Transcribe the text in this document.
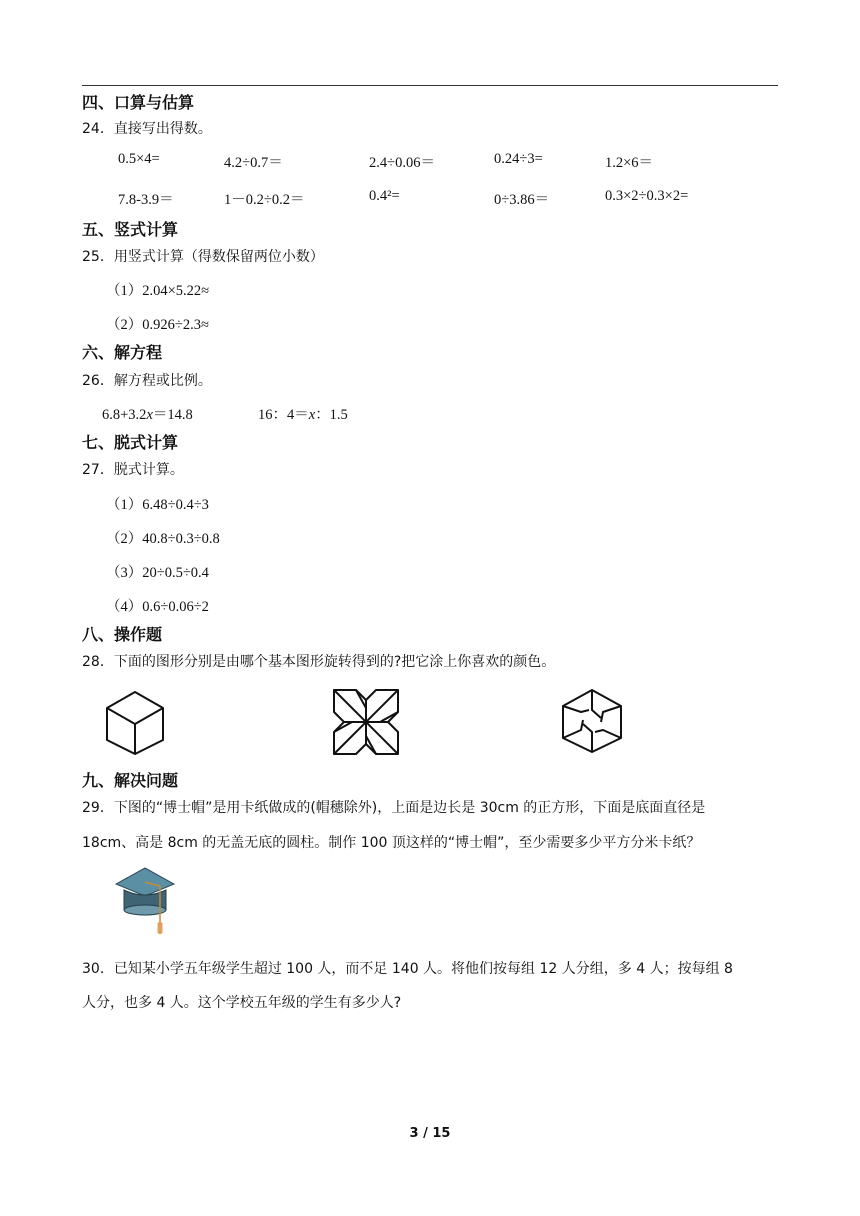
四、口算与估算
24．直接写出得数。
0.5×4=	4.2÷0.7＝	2.4÷0.06＝	0.24÷3=	1.2×6＝
7.8-3.9＝	1－0.2÷0.2＝	0.4²=	0÷3.86＝	0.3×2÷0.3×2=
五、竖式计算
25．用竖式计算（得数保留两位小数）
（1）2.04×5.22≈
（2）0.926÷2.3≈
六、解方程
26．解方程或比例。
6.8+3.2x＝14.8	16：4＝x：1.5
七、脱式计算
27．脱式计算。
（1）6.48÷0.4÷3
（2）40.8÷0.3÷0.8
（3）20÷0.5÷0.4
（4）0.6÷0.06÷2
八、操作题
28．下面的图形分别是由哪个基本图形旋转得到的?把它涂上你喜欢的颜色。
九、解决问题
29．下图的“博士帽”是用卡纸做成的(帽穗除外)，上面是边长是 30cm 的正方形，下面是底面直径是
18cm、高是 8cm 的无盖无底的圆柱。制作 100 顶这样的“博士帽”，至少需要多少平方分米卡纸？
30．已知某小学五年级学生超过 100 人，而不足 140 人。将他们按每组 12 人分组，多 4 人；按每组 8
人分，也多 4 人。这个学校五年级的学生有多少人?
3 / 15
